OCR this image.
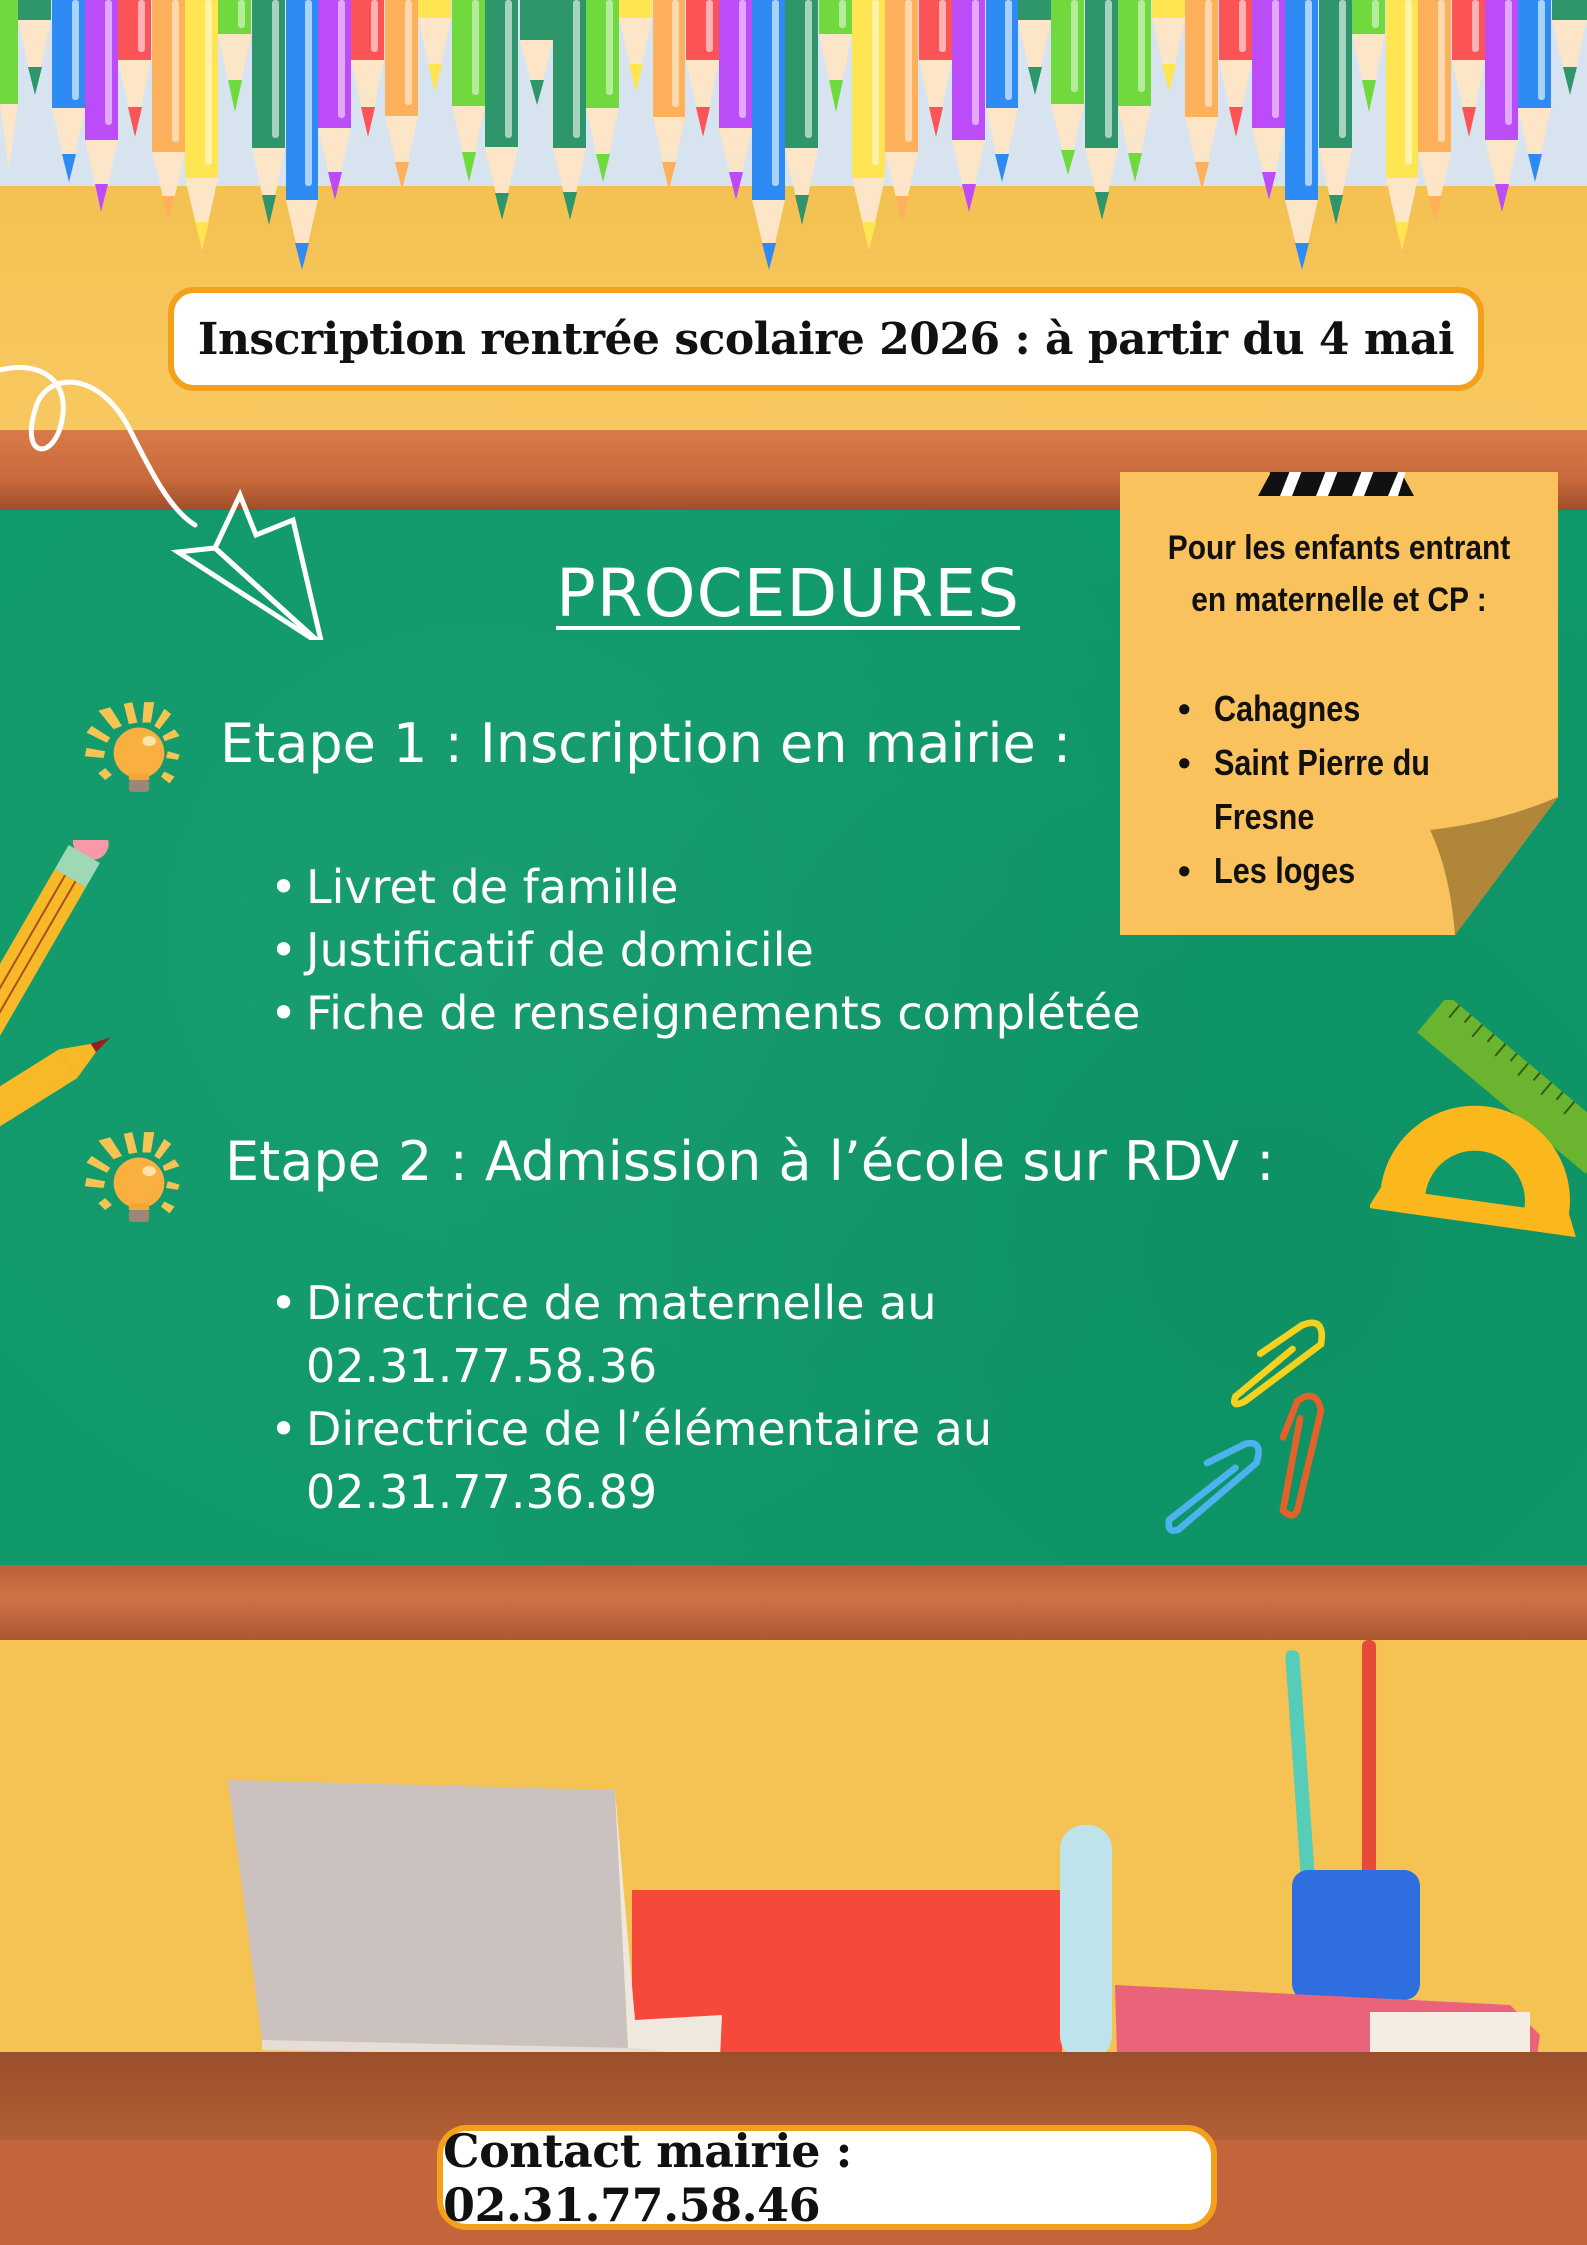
Inscription rentrée scolaire 2026 : à partir du 4 mai
PROCEDURES
Etape 1 : Inscription en mairie :
• Livret de famille
• Justificatif de domicile
• Fiche de renseignements complétée
Etape 2 : Admission à l’école sur RDV :
• Directrice de maternelle au
02.31.77.58.36
• Directrice de l’élémentaire au
02.31.77.36.89
Pour les enfants entrant
en maternelle et CP :
• Cahagnes
• Saint Pierre du
Fresne
• Les loges
Contact mairie : 02.31.77.58.46
